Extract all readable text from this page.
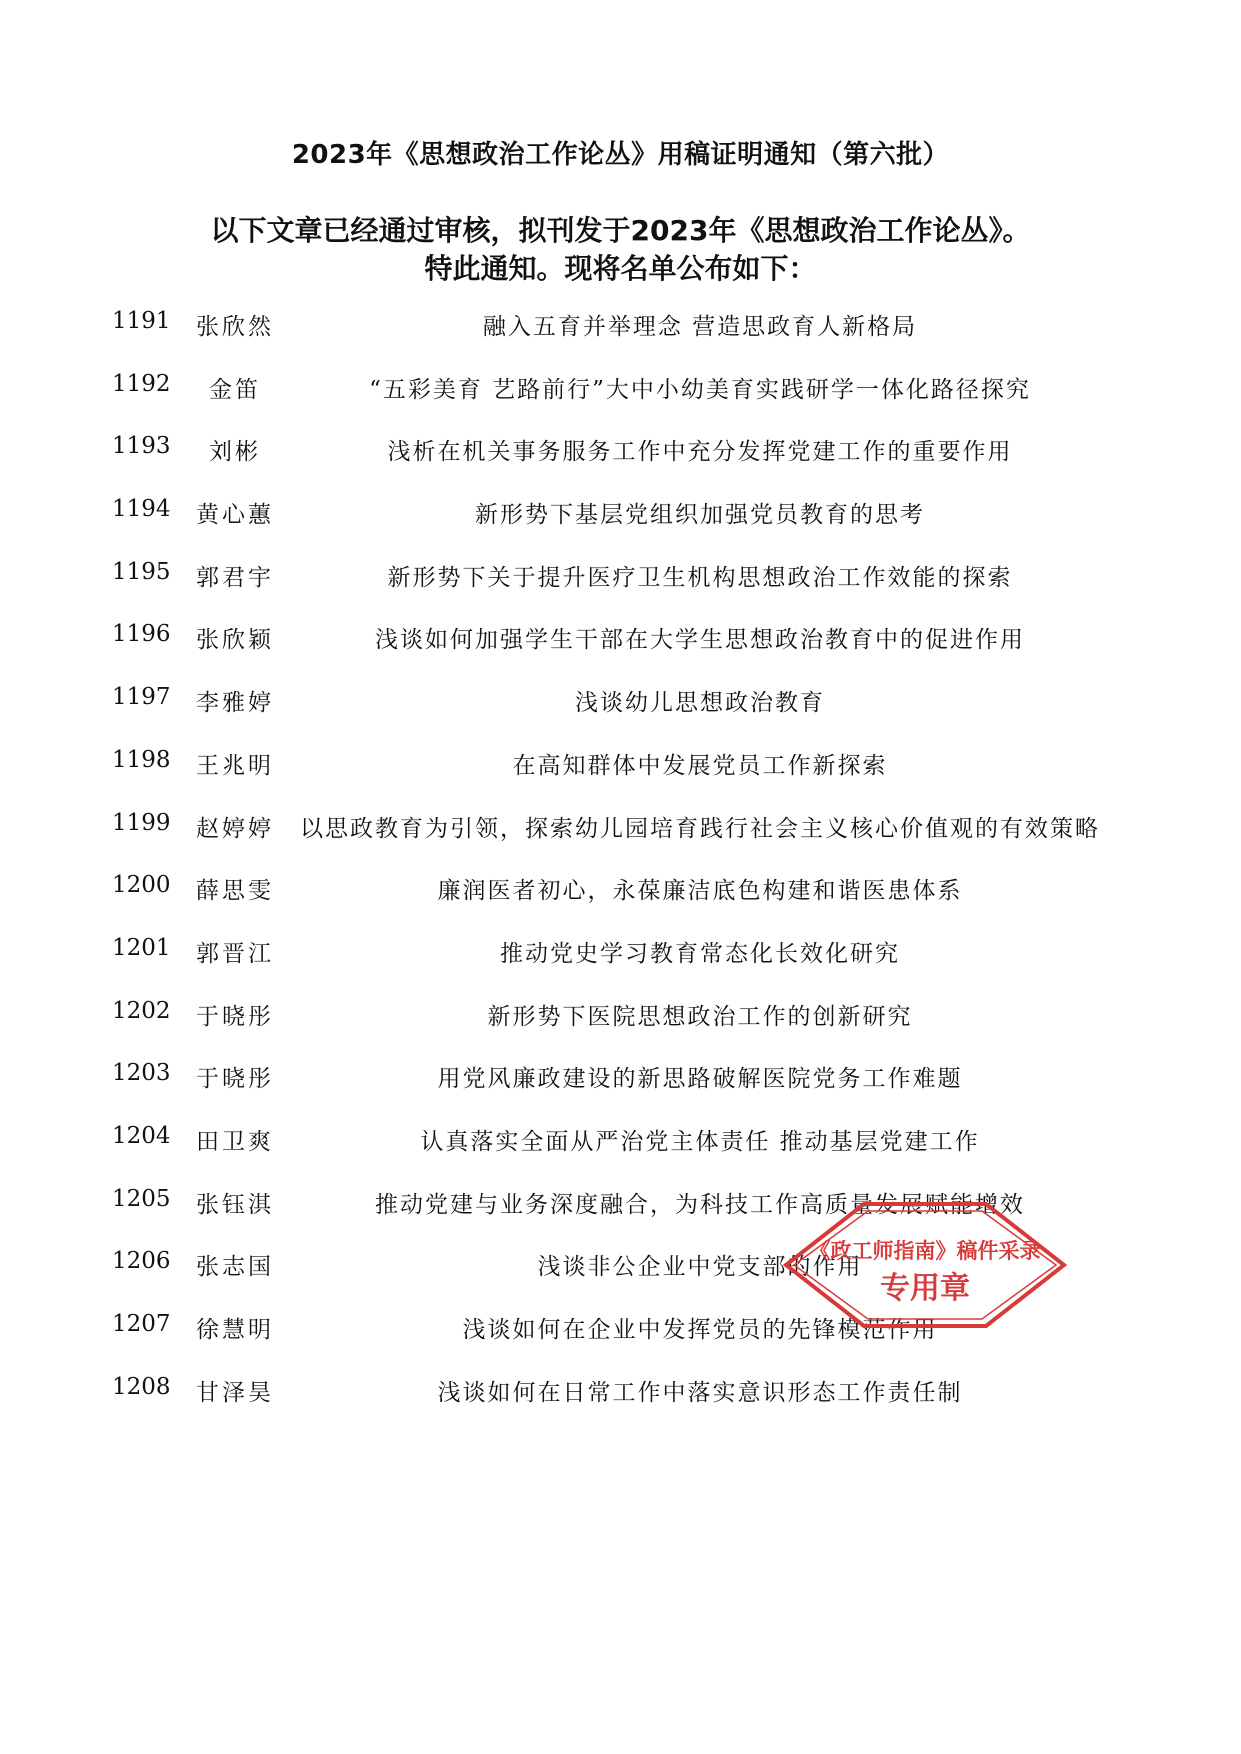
2023年《思想政治工作论丛》用稿证明通知（第六批）
以下文章已经通过审核，拟刊发于2023年《思想政治工作论丛》。
特此通知。现将名单公布如下：
1191 张欣然	融入五育并举理念 营造思政育人新格局
1192	金笛	“五彩美育 艺路前行”大中小幼美育实践研学一体化路径探究
1193	刘彬	浅析在机关事务服务工作中充分发挥党建工作的重要作用
1194 黄心蕙	新形势下基层党组织加强党员教育的思考
1195 郭君宇	新形势下关于提升医疗卫生机构思想政治工作效能的探索
1196 张欣颖	浅谈如何加强学生干部在大学生思想政治教育中的促进作用
1197 李雅婷	浅谈幼儿思想政治教育
1198 王兆明	在高知群体中发展党员工作新探索
1199 赵婷婷	以思政教育为引领，探索幼儿园培育践行社会主义核心价值观的有效策略
1200 薛思雯	廉润医者初心，永葆廉洁底色构建和谐医患体系
1201 郭晋江	推动党史学习教育常态化长效化研究
1202 于晓彤	新形势下医院思想政治工作的创新研究
1203 于晓彤	用党风廉政建设的新思路破解医院党务工作难题
1204 田卫爽	认真落实全面从严治党主体责任 推动基层党建工作
1205 张钰淇	推动党建与业务深度融合，为科技工作高质量发展赋能增效
1206 张志国	浅谈非公企业中党支部的作用
1207 徐慧明	浅谈如何在企业中发挥党员的先锋模范作用
1208 甘泽昊	浅谈如何在日常工作中落实意识形态工作责任制
《政工师指南》稿件采录
专用章
